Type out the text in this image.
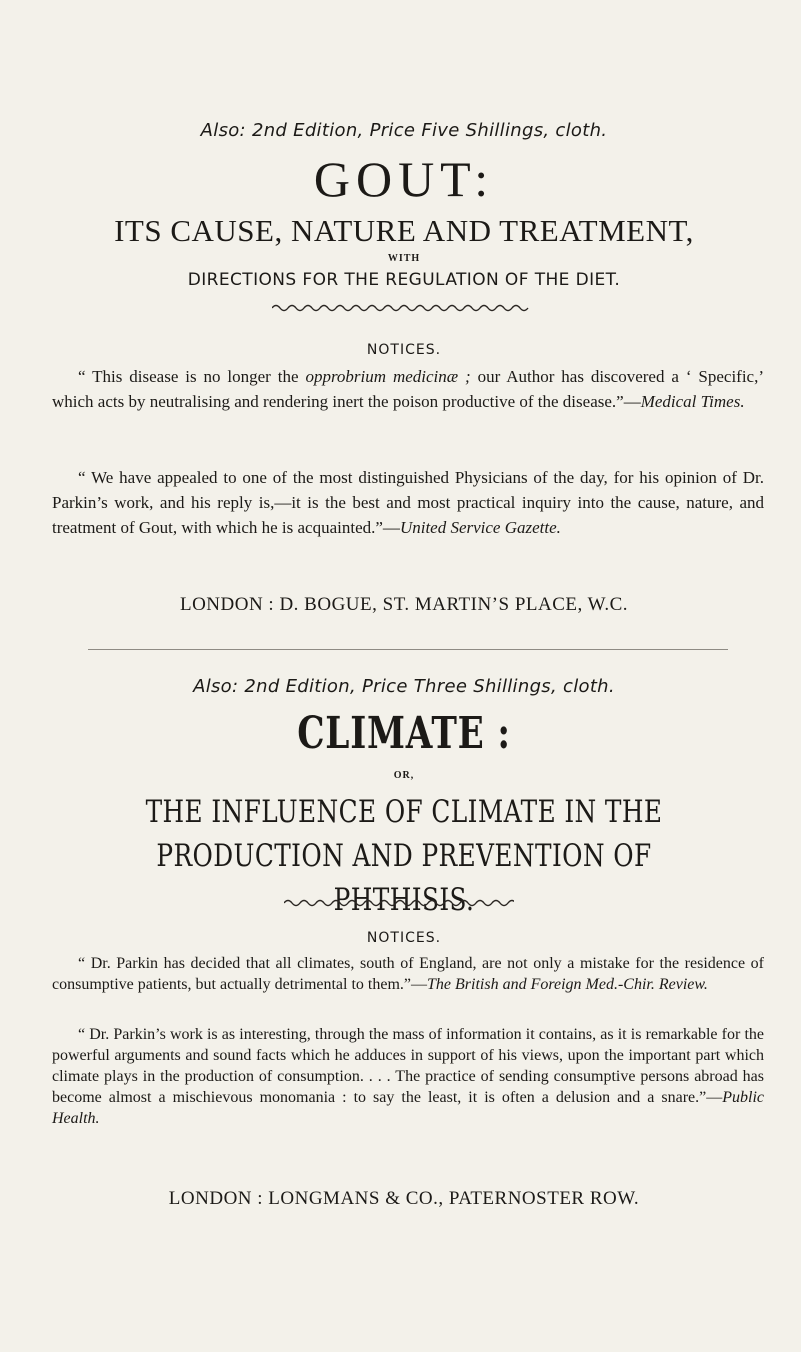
Also: 2nd Edition, Price Five Shillings, cloth.
GOUT:
ITS CAUSE, NATURE AND TREATMENT,
WITH
DIRECTIONS FOR THE REGULATION OF THE DIET.
NOTICES.

“ This disease is no longer the opprobrium medicinæ ; our Author has discovered a ‘ Specific,’ which acts by neutralising and rendering inert the poison productive of the disease.”—Medical Times.

“ We have appealed to one of the most distinguished Physicians of the day, for his opinion of Dr. Parkin’s work, and his reply is,—it is the best and most practical inquiry into the cause, nature, and treatment of Gout, with which he is acquainted.”—United Service Gazette.

LONDON : D. BOGUE, ST. MARTIN’S PLACE, W.C.
Also: 2nd Edition, Price Three Shillings, cloth.
CLIMATE :
OR,
THE INFLUENCE OF CLIMATE IN THE
PRODUCTION AND PREVENTION OF PHTHISIS.
NOTICES.

“ Dr. Parkin has decided that all climates, south of England, are not only a mistake for the residence of consumptive patients, but actually detrimental to them.”—The British and Foreign Med.-Chir. Review.

“ Dr. Parkin’s work is as interesting, through the mass of information it contains, as it is remarkable for the powerful arguments and sound facts which he adduces in support of his views, upon the important part which climate plays in the production of consumption. . . . The practice of sending consumptive persons abroad has become almost a mischievous monomania : to say the least, it is often a delusion and a snare.”—Public Health.

LONDON : LONGMANS & CO., PATERNOSTER ROW.
